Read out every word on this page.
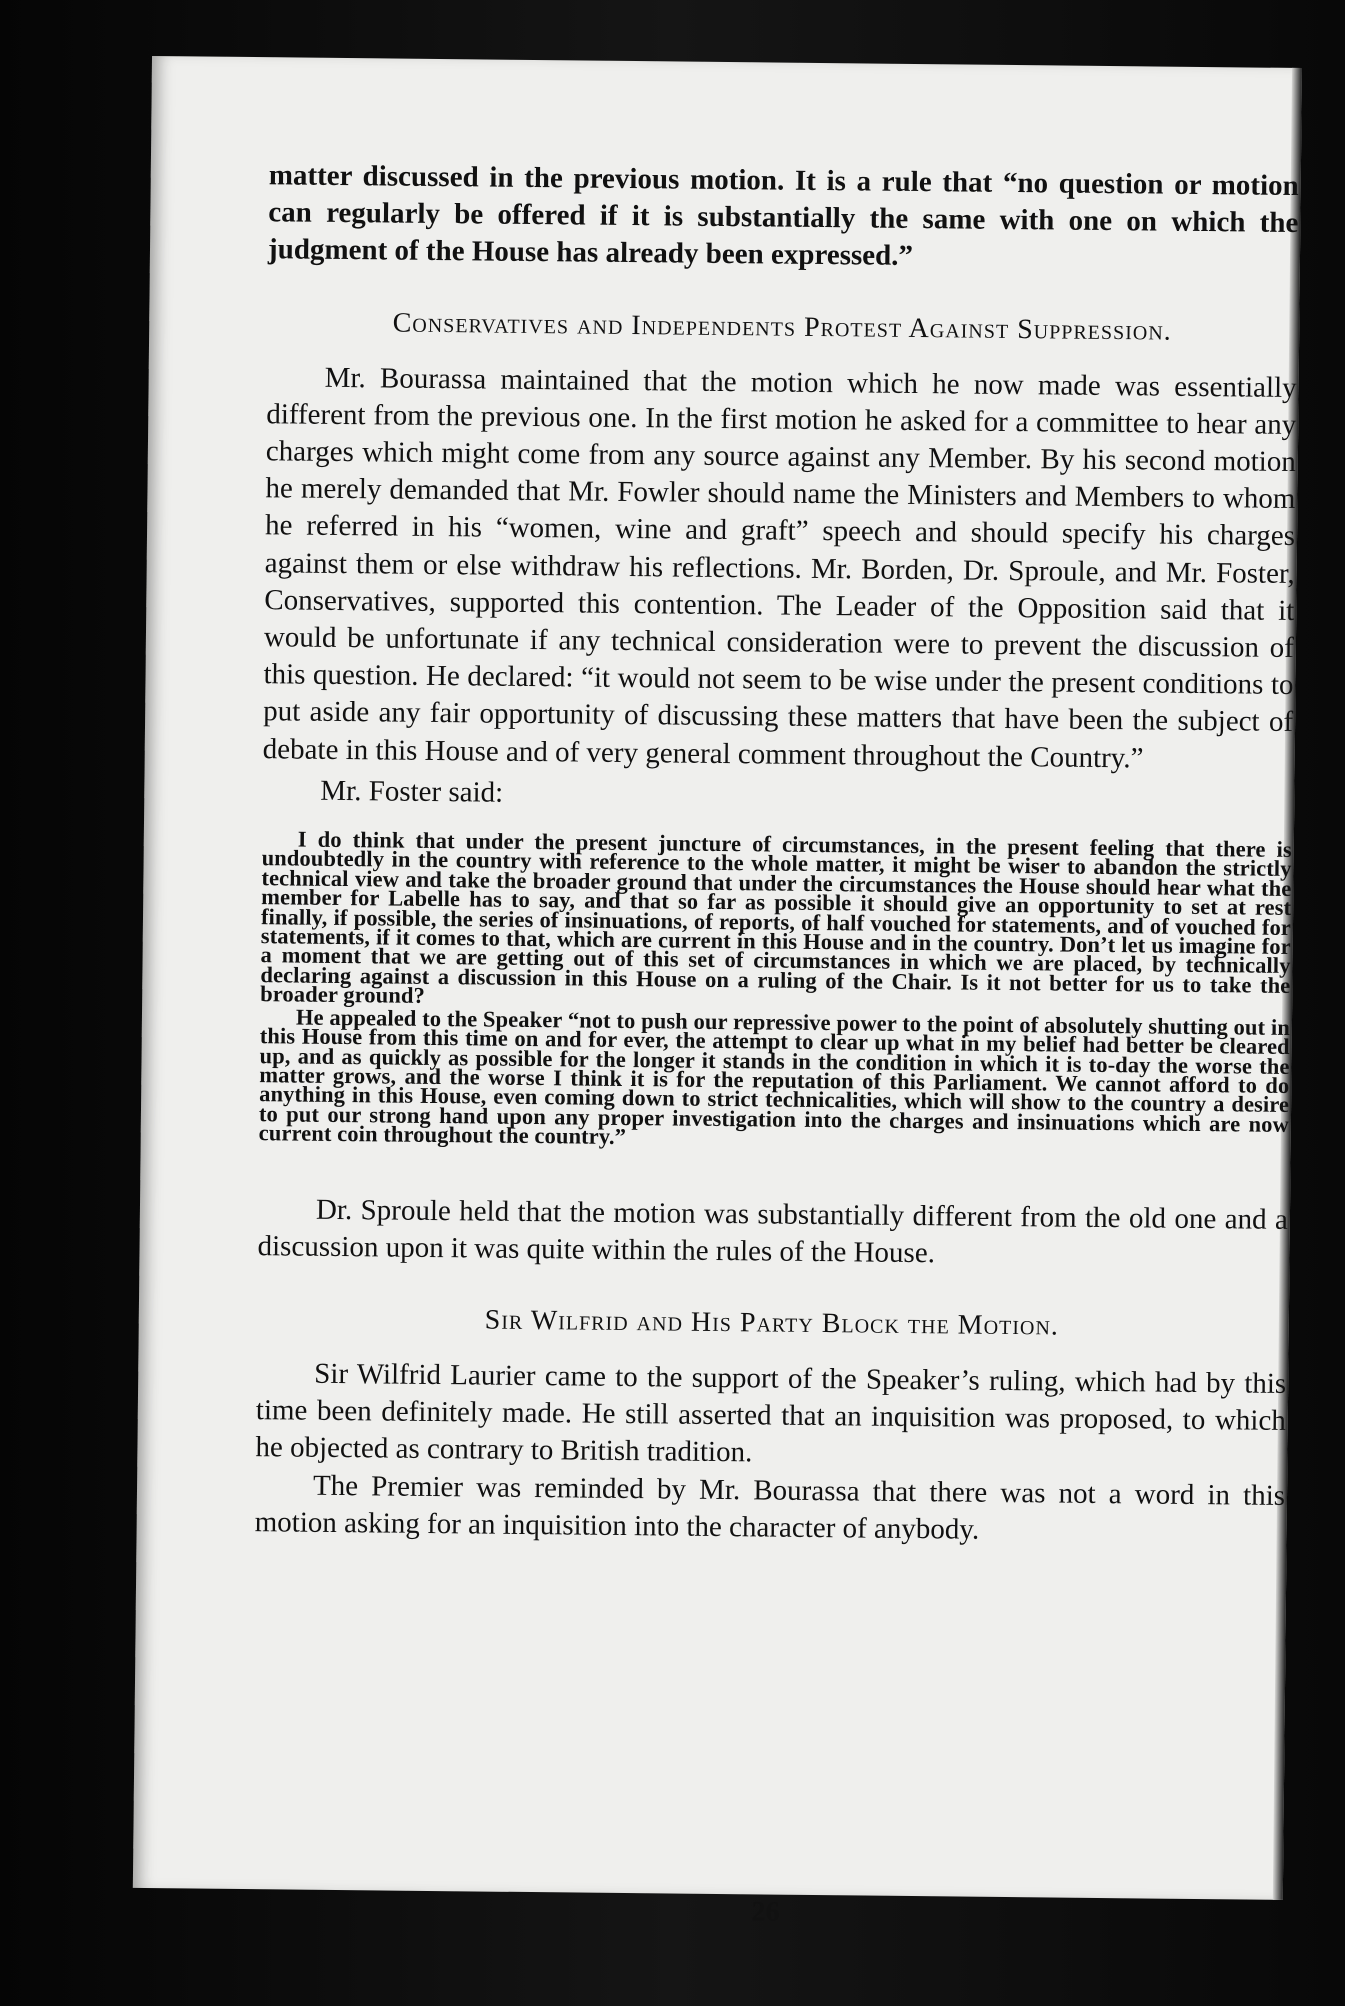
matter discussed in the previous motion. It is a rule that “no question or motion can regularly be offered if it is substantially the same with one on which the judgment of the House has already been expressed.”

Conservatives and Independents Protest Against Suppression.

Mr. Bourassa maintained that the motion which he now made was essentially different from the previous one. In the first motion he asked for a committee to hear any charges which might come from any source against any Member. By his second motion he merely demanded that Mr. Fowler should name the Ministers and Members to whom he referred in his “women, wine and graft” speech and should specify his charges against them or else withdraw his reflections. Mr. Borden, Dr. Sproule, and Mr. Foster, Conservatives, supported this contention. The Leader of the Opposition said that it would be unfortunate if any technical consideration were to prevent the discussion of this question. He declared: “it would not seem to be wise under the present conditions to put aside any fair opportunity of discussing these matters that have been the subject of debate in this House and of very general comment throughout the Country.”

Mr. Foster said:

I do think that under the present juncture of circumstances, in the present feeling that there is undoubtedly in the country with reference to the whole matter, it might be wiser to abandon the strictly technical view and take the broader ground that under the circumstances the House should hear what the member for Labelle has to say, and that so far as possible it should give an opportunity to set at rest finally, if possible, the series of insinuations, of reports, of half vouched for statements, and of vouched for statements, if it comes to that, which are current in this House and in the country. Don’t let us imagine for a moment that we are getting out of this set of circumstances in which we are placed, by technically declaring against a discussion in this House on a ruling of the Chair. Is it not better for us to take the broader ground?

He appealed to the Speaker “not to push our repressive power to the point of absolutely shutting out in this House from this time on and for ever, the attempt to clear up what in my belief had better be cleared up, and as quickly as possible for the longer it stands in the condition in which it is to-day the worse the matter grows, and the worse I think it is for the reputation of this Parliament. We cannot afford to do anything in this House, even coming down to strict technicalities, which will show to the country a desire to put our strong hand upon any proper investigation into the charges and insinuations which are now current coin throughout the country.”

Dr. Sproule held that the motion was substantially different from the old one and a discussion upon it was quite within the rules of the House.

Sir Wilfrid and His Party Block the Motion.

Sir Wilfrid Laurier came to the support of the Speaker’s ruling, which had by this time been definitely made. He still asserted that an inquisition was proposed, to which he objected as contrary to British tradition.

The Premier was reminded by Mr. Bourassa that there was not a word in this motion asking for an inquisition into the character of anybody.

26
